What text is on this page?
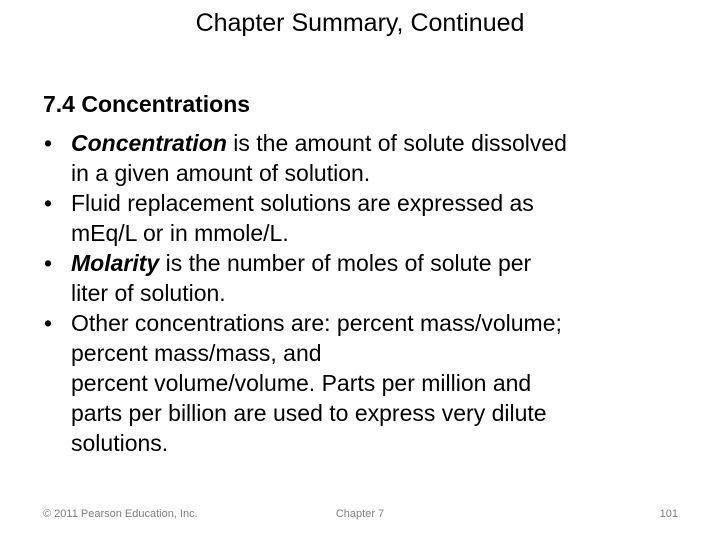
Chapter Summary, Continued
7.4 Concentrations
• Concentration is the amount of solute dissolved
in a given amount of solution.
• Fluid replacement solutions are expressed as
mEq/L or in mmole/L.
• Molarity is the number of moles of solute per
liter of solution.
• Other concentrations are: percent mass/volume;
percent mass/mass, and
percent volume/volume. Parts per million and
parts per billion are used to express very dilute
solutions.
© 2011 Pearson Education, Inc.	Chapter 7	101
